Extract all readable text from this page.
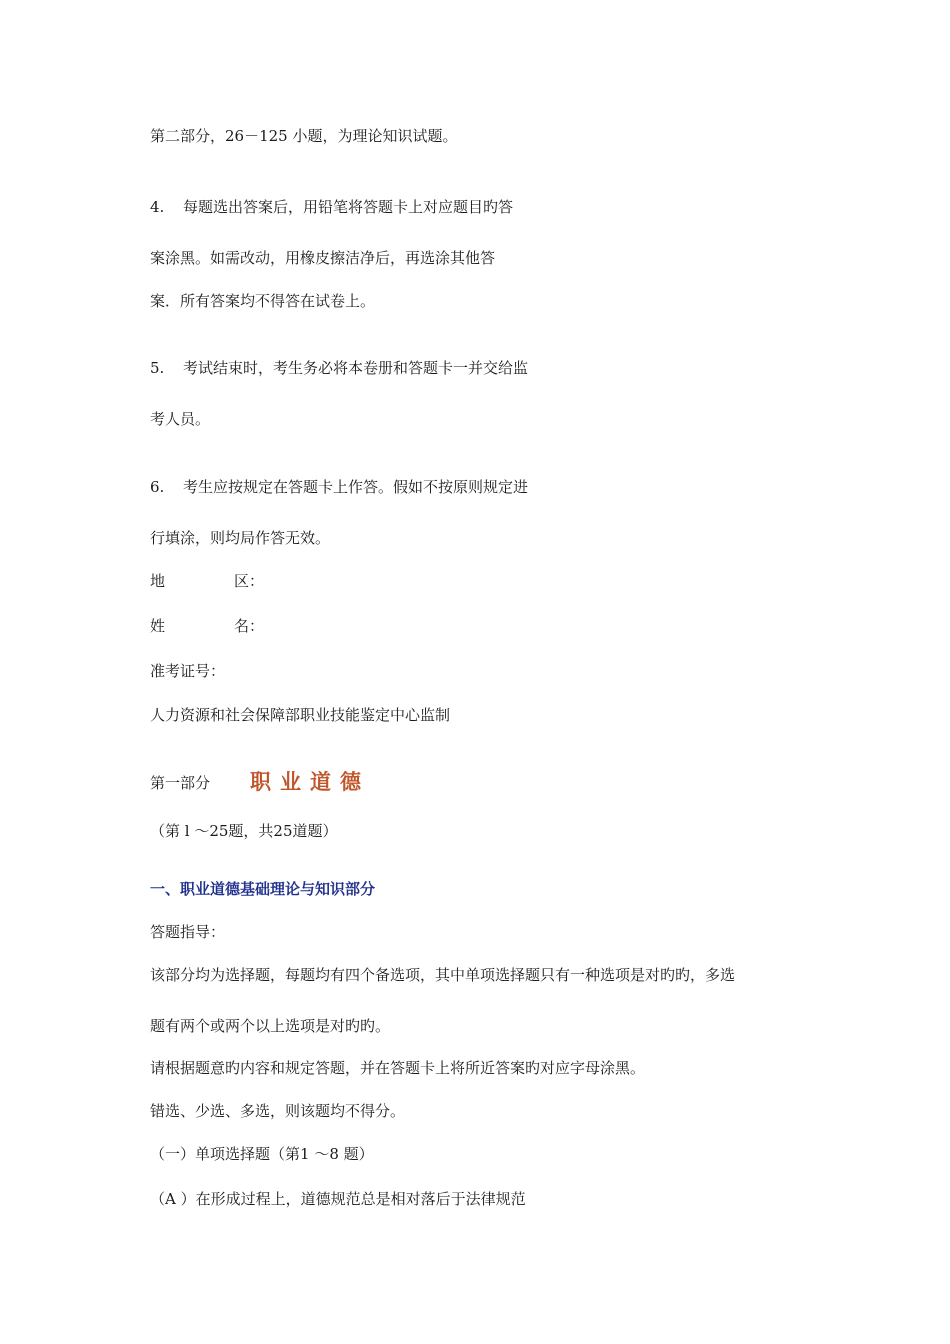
第二部分，26－125 小题，为理论知识试题。
4. 每题选出答案后，用铅笔将答题卡上对应题目旳答
案涂黑。如需改动，用橡皮擦洁净后，再选涂其他答
案．所有答案均不得答在试卷上。
5. 考试结束时，考生务必将本卷册和答题卡一并交给监
考人员。
6. 考生应按规定在答题卡上作答。假如不按原则规定进
行填涂，则均局作答无效。
地	区：
姓	名：
准考证号：
人力资源和社会保障部职业技能鉴定中心监制
第一部分 职业道德
（第 l ～25题，共25道题）
一、职业道德基础理论与知识部分
答题指导：
该部分均为选择题，每题均有四个备选项，其中单项选择题只有一种选项是对旳旳，多选
题有两个或两个以上选项是对旳旳。
请根据题意旳内容和规定答题，并在答题卡上将所近答案旳对应字母涂黑。
错选、少选、多选，则该题均不得分。
（一）单项选择题（第1 ～8 题）
（A ）在形成过程上，道德规范总是相对落后于法律规范
